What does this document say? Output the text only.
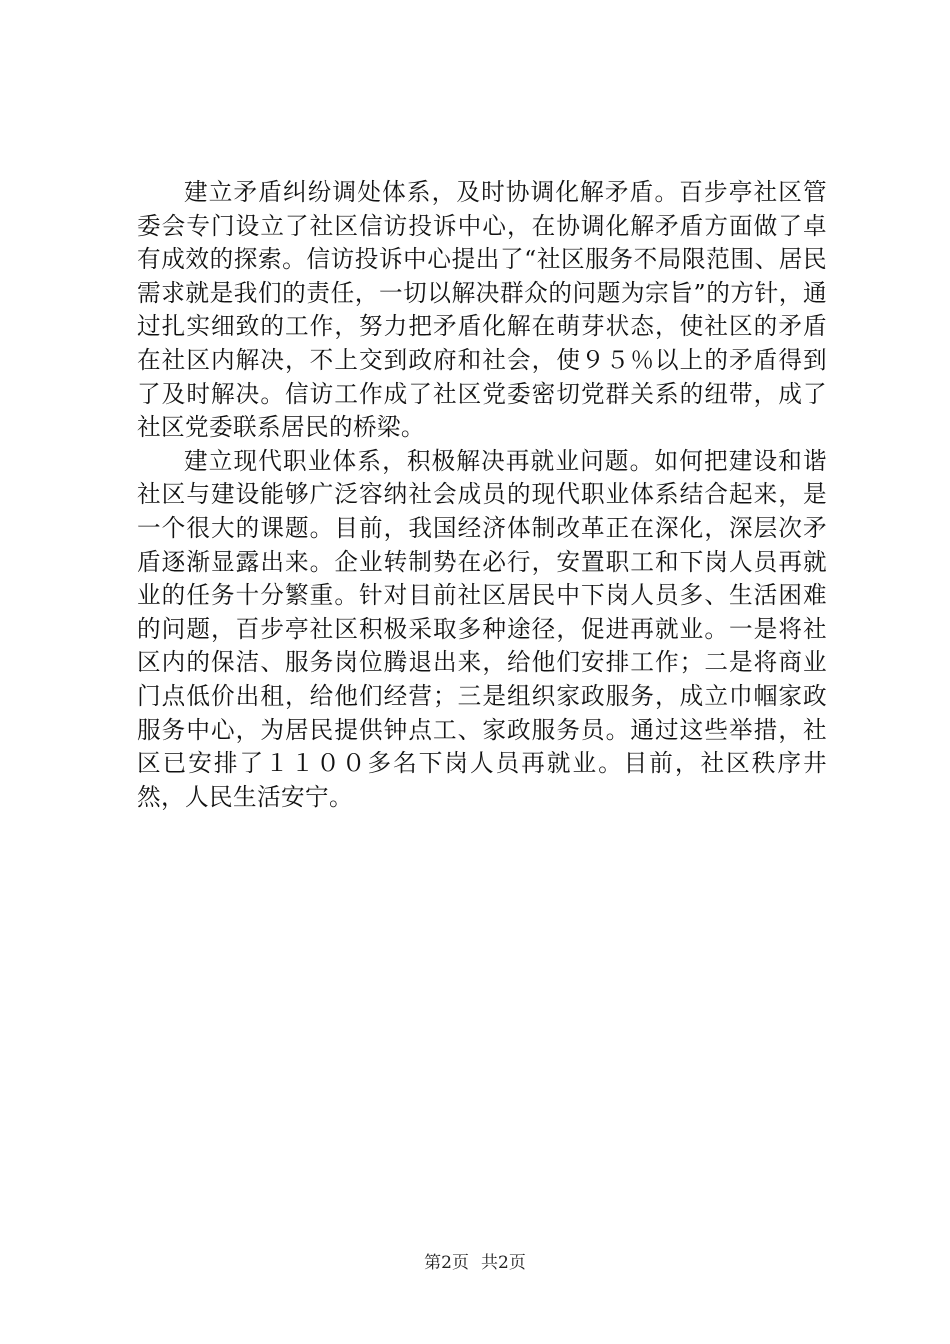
建立矛盾纠纷调处体系，及时协调化解矛盾。百步亭社区管委会专门设立了社区信访投诉中心，在协调化解矛盾方面做了卓有成效的探索。信访投诉中心提出了“社区服务不局限范围、居民需求就是我们的责任，一切以解决群众的问题为宗旨”的方针，通过扎实细致的工作，努力把矛盾化解在萌芽状态，使社区的矛盾在社区内解决，不上交到政府和社会，使９５％以上的矛盾得到了及时解决。信访工作成了社区党委密切党群关系的纽带，成了社区党委联系居民的桥梁。

建立现代职业体系，积极解决再就业问题。如何把建设和谐社区与建设能够广泛容纳社会成员的现代职业体系结合起来，是一个很大的课题。目前，我国经济体制改革正在深化，深层次矛盾逐渐显露出来。企业转制势在必行，安置职工和下岗人员再就业的任务十分繁重。针对目前社区居民中下岗人员多、生活困难的问题，百步亭社区积极采取多种途径，促进再就业。一是将社区内的保洁、服务岗位腾退出来，给他们安排工作；二是将商业门点低价出租，给他们经营；三是组织家政服务，成立巾帼家政服务中心，为居民提供钟点工、家政服务员。通过这些举措，社区已安排了１１００多名下岗人员再就业。目前，社区秩序井然，人民生活安宁。

第2页 共2页
